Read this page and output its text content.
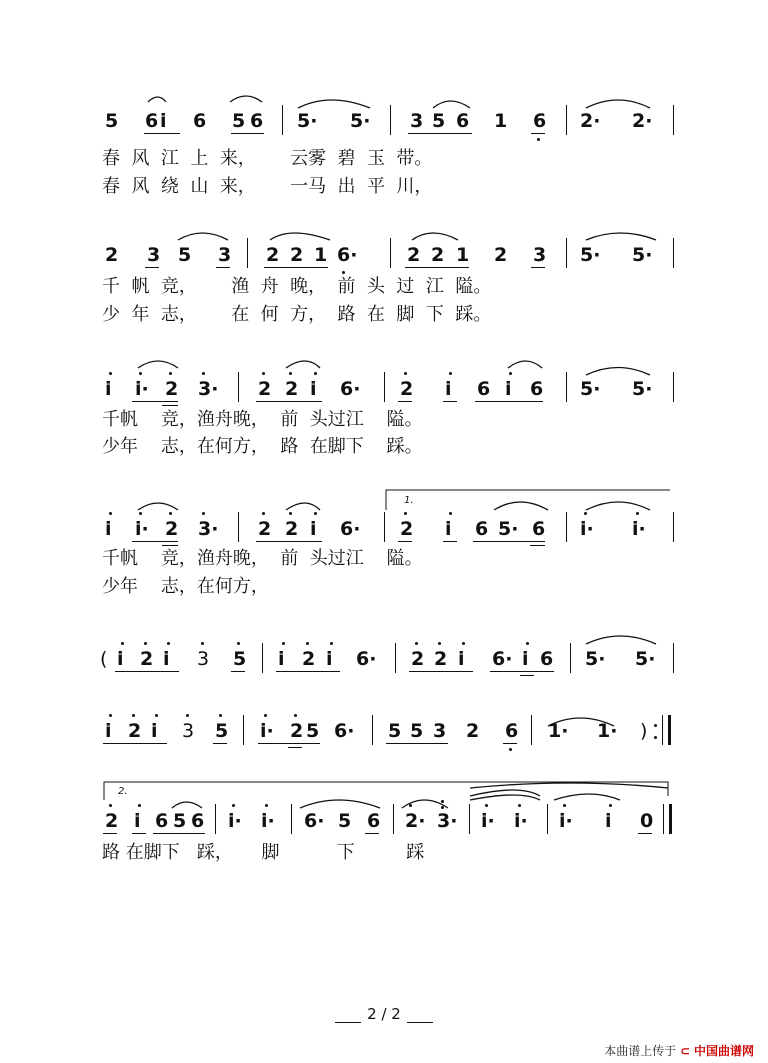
5 6 i 6 5 6 5· 5· 3 5 6 1 6 2· 2·
春  风  江  上  来，      云雾  碧  玉  带。
春  风  绕  山  来，      一马  出  平  川，
2 3 5 3 2 2 1 6·	2 2 1 2 3 5· 5·
千  帆  竞，      渔  舟  晚，  前  头  过  江  隘。
少  年  志，      在  何  方，  路  在  脚  下  踩。
i i· 2 3· 2 2 i 6· 2 i 6 i 6 5· 5·
千帆    竞，渔舟晚，  前  头过江    隘。
少年    志，在何方，  路  在脚下    踩。
1.
i i· 2 3· 2 2 i 6· 2 i 6 5· 6 i· i·
千帆    竞，渔舟晚，  前  头过江    隘。
少年    志，在何方，
( i 2 i 3 5 i 2 i 6· 2 2 i 6· i 6 5· 5·
i 2 i 3 5 i· 2 5 6· 5 5 3 2 6 1· 1· )
2.
2 i 6 5 6 i· i· 6· 5 6 2· 3· i· i· i· i 0
路 在脚下   踩，     脚          下         踩
2 / 2
本曲谱上传于 ⊂ 中国曲谱网
